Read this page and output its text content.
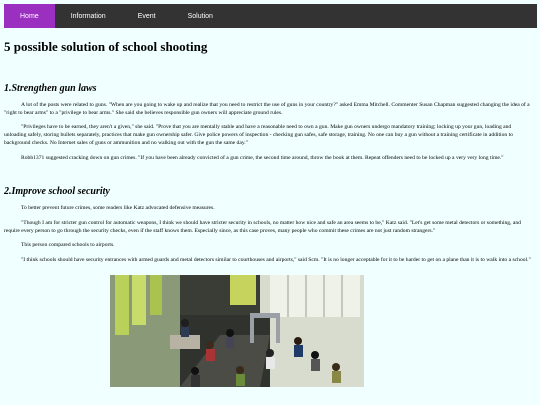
Home	Information	Event	Solution
5 possible solution of school shooting
1.Strengthen gun laws

A lot of the posts were related to guns. "When are you going to wake up and realize that you need to restrict the use of guns in your country?" asked Emma Mitchell. Commenter Susan Chapman suggested changing the idea of a "right to bear arms" to a "privilege to bear arms." She said she believes responsible gun owners will appreciate ground rules.

"Privileges have to be earned, they aren't a given," she said. "Prove that you are mentally stable and have a reasonable need to own a gun. Make gun owners undergo mandatory training; locking up your gun, loading and unloading safely, storing bullets separately, practices that make gun ownership safer. Give police powers of inspection - checking gun safes, safe storage, training. No one can buy a gun without a training certificate in addition to background checks. No Internet sales of guns or ammunition and no walking out with the gun the same day."

Robb1371 suggested cracking down on gun crimes. "If you have been already convicted of a gun crime, the second time around, throw the book at them. Repeat offenders need to be locked up a very very long time."

2.Improve school security

To better prevent future crimes, some readers like Katz advocated defensive measures.

"Though I am for stricter gun control for automatic weapons, I think we should have stricter security in schools, no matter how nice and safe an area seems to be," Katz said. "Let's get some metal detectors or something, and require every person to go through the security checks, even if the staff knows them. Especially since, as this case proves, many people who commit these crimes are not just random strangers."

This person compared schools to airports.

"I think schools should have security entrances with armed guards and metal detectors similar to courthouses and airports," said Scm. "It is no longer acceptable for it to be harder to get on a plane than it is to walk into a school."
